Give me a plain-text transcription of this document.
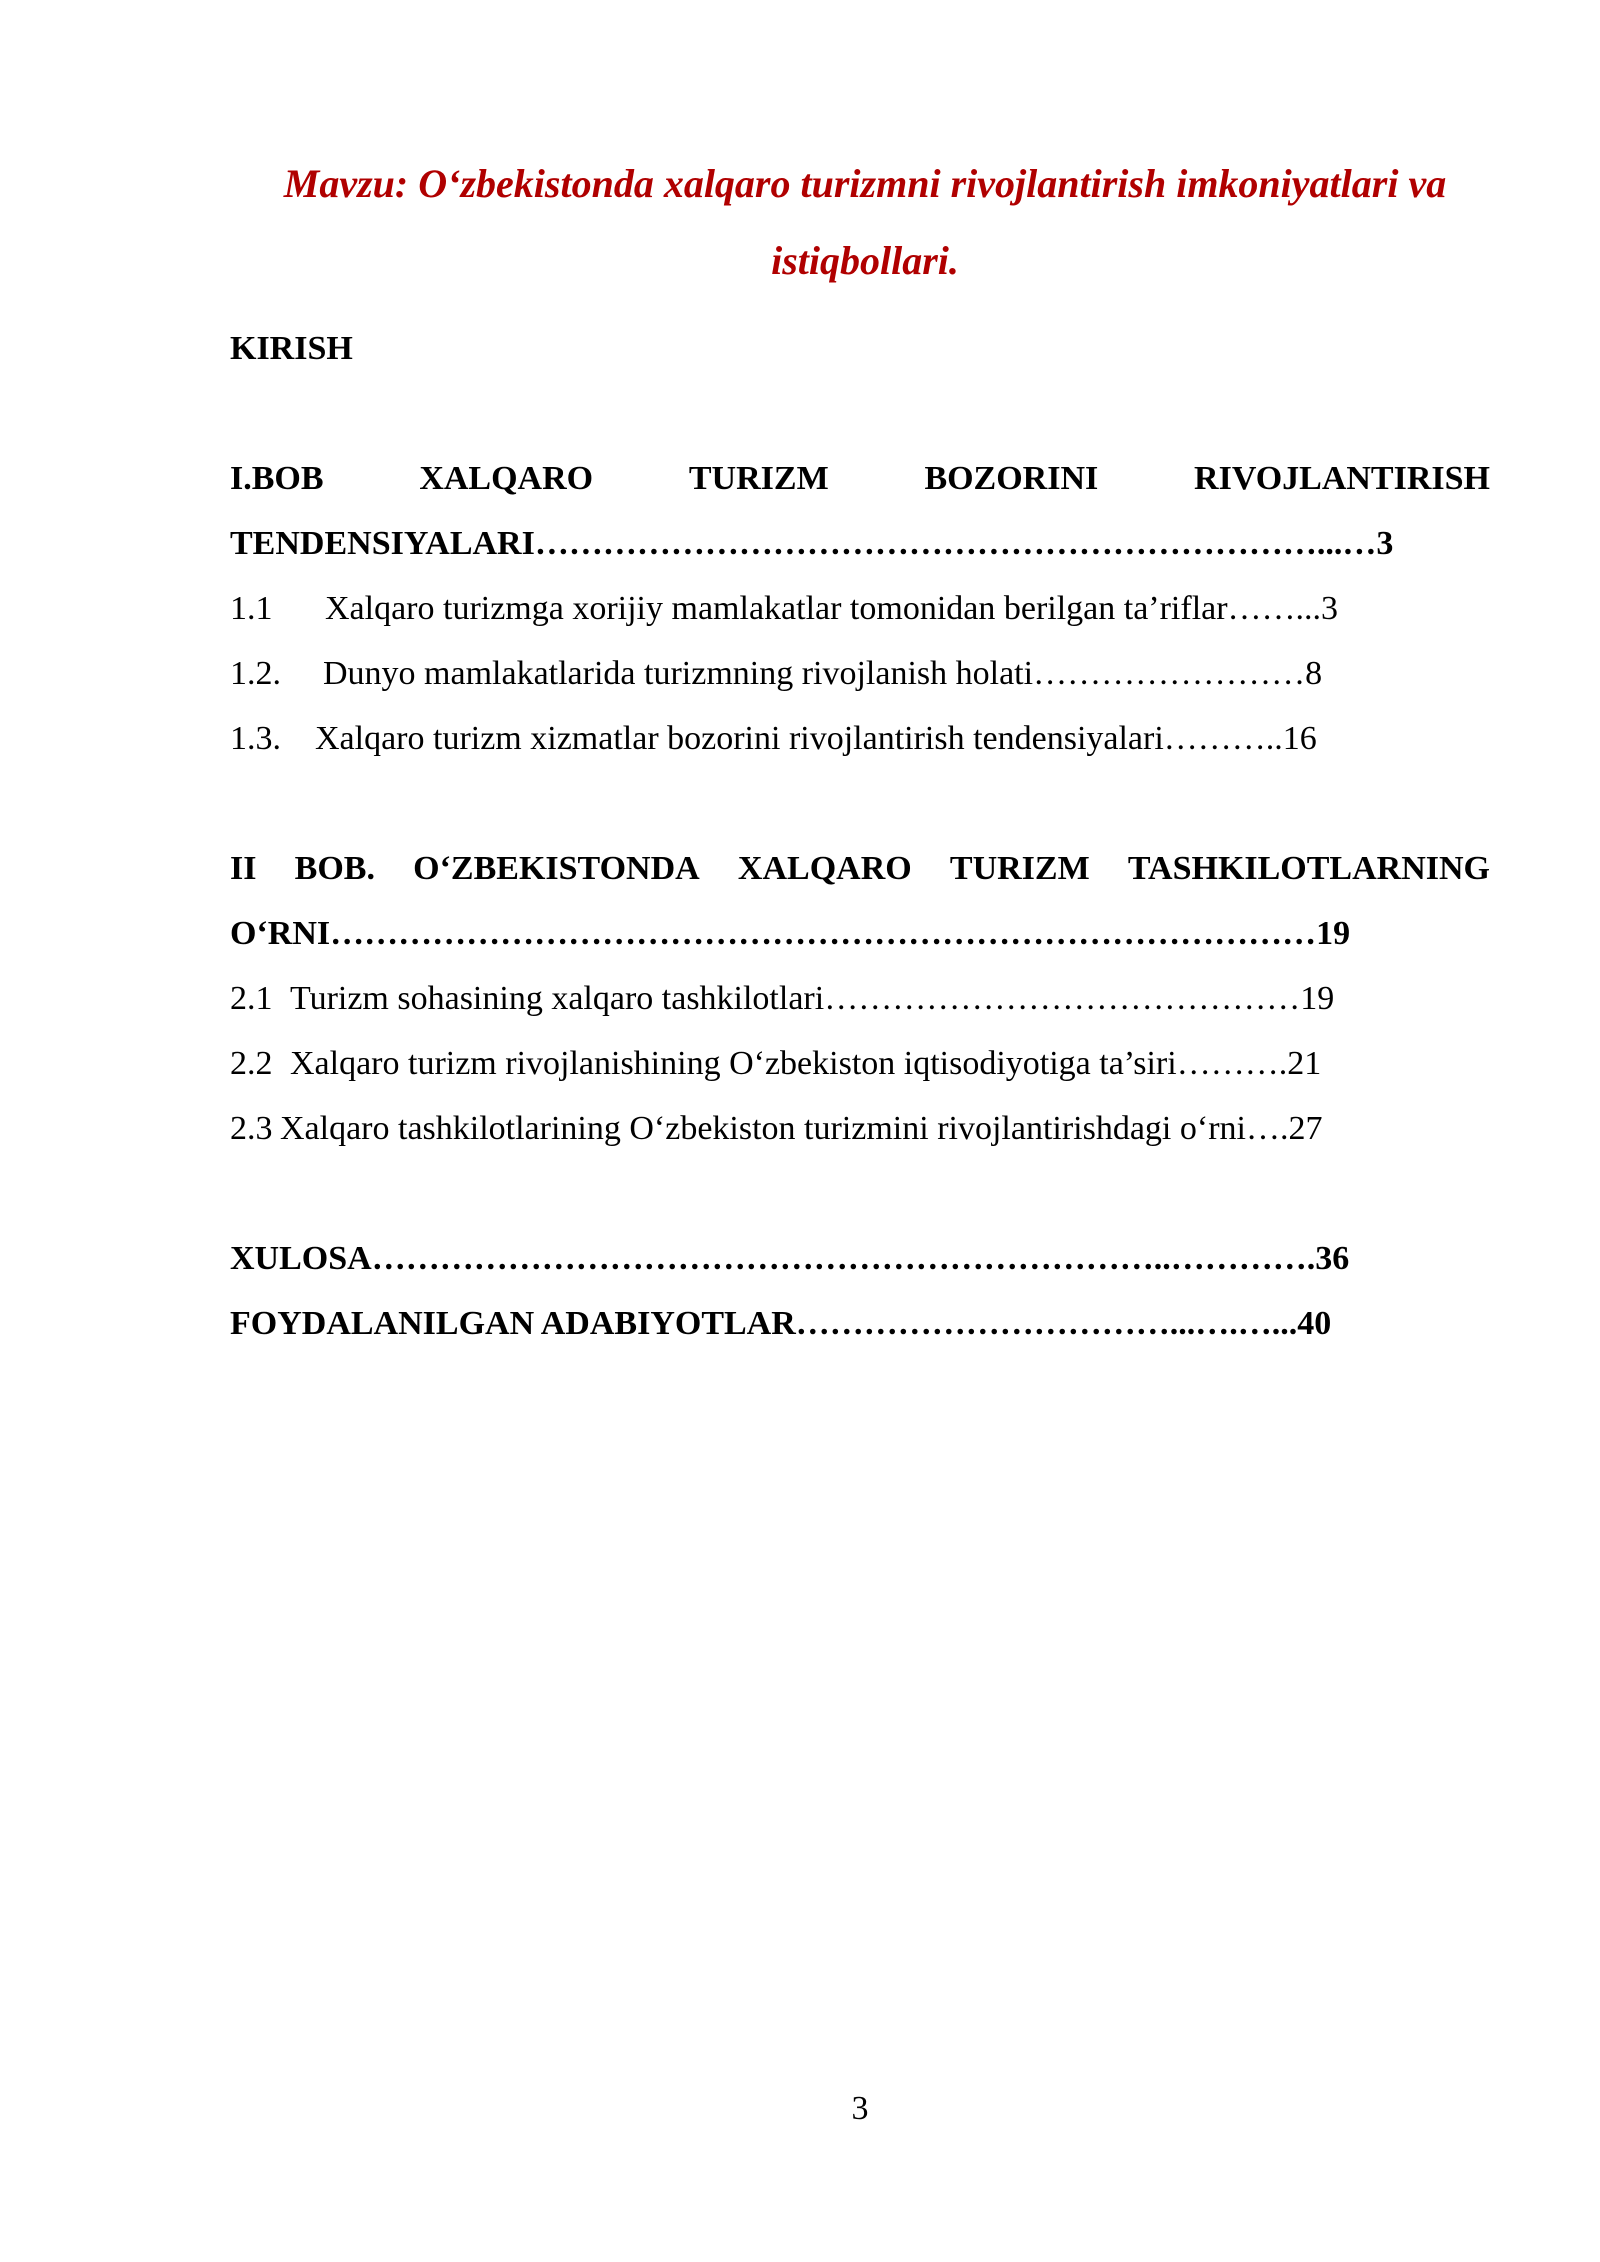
Mavzu: O‘zbekistonda xalqaro turizmni rivojlantirish imkoniyatlari va
istiqbollari.

KIRISH
I.BOB	XALQARO	TURIZM	BOZORINI	RIVOJLANTIRISH
TENDENSIYALARI……………………………………………………………...…3
1.1 Xalqaro turizmga xorijiy mamlakatlar tomonidan berilgan ta’riflar……...3
1.2. Dunyo mamlakatlarida turizmning rivojlanish holati……………………8
1.3. Xalqaro turizm xizmatlar bozorini rivojlantirish tendensiyalari………..16
II BOB. O‘ZBEKISTONDA XALQARO TURIZM TASHKILOTLARNING
O‘RNI……………………………………………………………………………19
2.1 Turizm sohasining xalqaro tashkilotlari……………………………………19
2.2 Xalqaro turizm rivojlanishining O‘zbekiston iqtisodiyotiga ta’siri……….21
2.3 Xalqaro tashkilotlarining O‘zbekiston turizmini rivojlantirishdagi o‘rni….27
XULOSA……………………………………………………………..………….36
FOYDALANILGAN ADABIYOTLAR……………………………...….…...40
3
